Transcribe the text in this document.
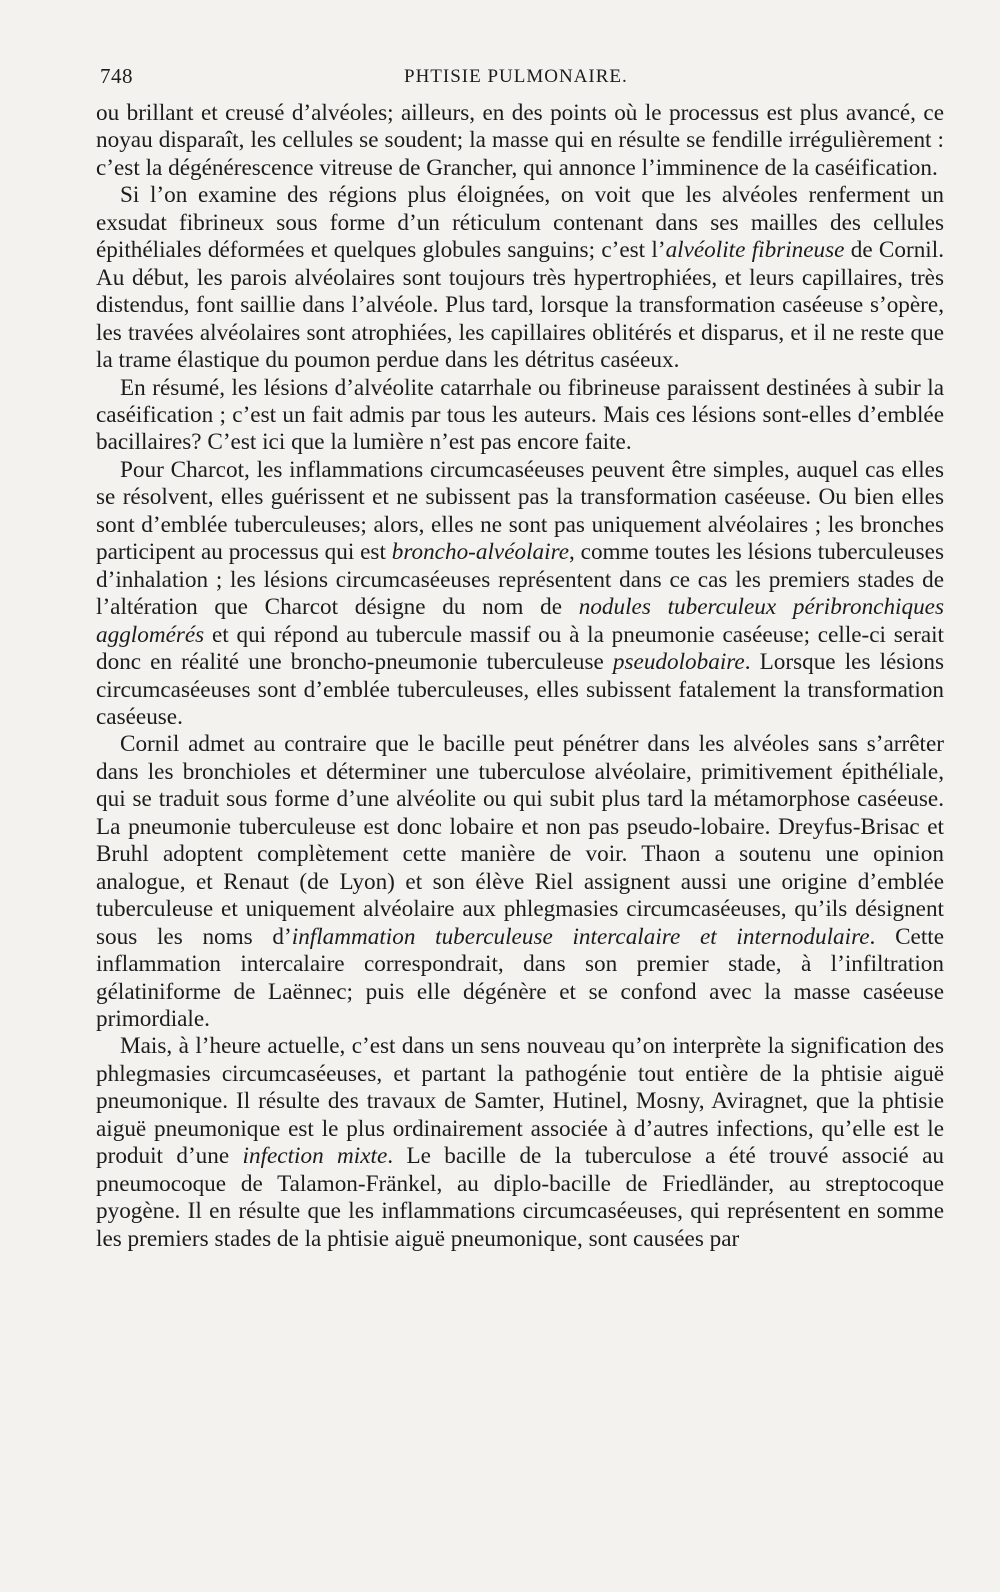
748	PHTISIE PULMONAIRE.

ou brillant et creusé d’alvéoles; ailleurs, en des points où le processus est plus avancé, ce noyau disparaît, les cellules se soudent; la masse qui en résulte se fendille irrégulièrement : c’est la dégénérescence vitreuse de Grancher, qui annonce l’imminence de la caséification.

Si l’on examine des régions plus éloignées, on voit que les alvéoles renferment un exsudat fibrineux sous forme d’un réticulum contenant dans ses mailles des cellules épithéliales déformées et quelques globules sanguins; c’est l’alvéolite fibrineuse de Cornil. Au début, les parois alvéolaires sont toujours très hypertrophiées, et leurs capillaires, très distendus, font saillie dans l’alvéole. Plus tard, lorsque la transformation caséeuse s’opère, les travées alvéolaires sont atrophiées, les capillaires oblitérés et disparus, et il ne reste que la trame élastique du poumon perdue dans les détritus caséeux.

En résumé, les lésions d’alvéolite catarrhale ou fibrineuse paraissent destinées à subir la caséification ; c’est un fait admis par tous les auteurs. Mais ces lésions sont-elles d’emblée bacillaires? C’est ici que la lumière n’est pas encore faite.

Pour Charcot, les inflammations circumcaséeuses peuvent être simples, auquel cas elles se résolvent, elles guérissent et ne subissent pas la transformation caséeuse. Ou bien elles sont d’emblée tuberculeuses; alors, elles ne sont pas uniquement alvéolaires ; les bronches participent au processus qui est broncho-alvéolaire, comme toutes les lésions tuberculeuses d’inhalation ; les lésions circumcaséeuses représentent dans ce cas les premiers stades de l’altération que Charcot désigne du nom de nodules tuberculeux péribronchiques agglomérés et qui répond au tubercule massif ou à la pneumonie caséeuse; celle-ci serait donc en réalité une broncho-pneumonie tuberculeuse pseudolobaire. Lorsque les lésions circumcaséeuses sont d’emblée tuberculeuses, elles subissent fatalement la transformation caséeuse.

Cornil admet au contraire que le bacille peut pénétrer dans les alvéoles sans s’arrêter dans les bronchioles et déterminer une tuberculose alvéolaire, primitivement épithéliale, qui se traduit sous forme d’une alvéolite ou qui subit plus tard la métamorphose caséeuse. La pneumonie tuberculeuse est donc lobaire et non pas pseudo-lobaire. Dreyfus-Brisac et Bruhl adoptent complètement cette manière de voir. Thaon a soutenu une opinion analogue, et Renaut (de Lyon) et son élève Riel assignent aussi une origine d’emblée tuberculeuse et uniquement alvéolaire aux phlegmasies circumcaséeuses, qu’ils désignent sous les noms d’inflammation tuberculeuse intercalaire et internodulaire. Cette inflammation intercalaire correspondrait, dans son premier stade, à l’infiltration gélatiniforme de Laënnec; puis elle dégénère et se confond avec la masse caséeuse primordiale.

Mais, à l’heure actuelle, c’est dans un sens nouveau qu’on interprète la signification des phlegmasies circumcaséeuses, et partant la pathogénie tout entière de la phtisie aiguë pneumonique. Il résulte des travaux de Samter, Hutinel, Mosny, Aviragnet, que la phtisie aiguë pneumonique est le plus ordinairement associée à d’autres infections, qu’elle est le produit d’une infection mixte. Le bacille de la tuberculose a été trouvé associé au pneumocoque de Talamon-Fränkel, au diplo-bacille de Friedländer, au streptocoque pyogène. Il en résulte que les inflammations circumcaséeuses, qui représentent en somme les premiers stades de la phtisie aiguë pneumonique, sont causées par
